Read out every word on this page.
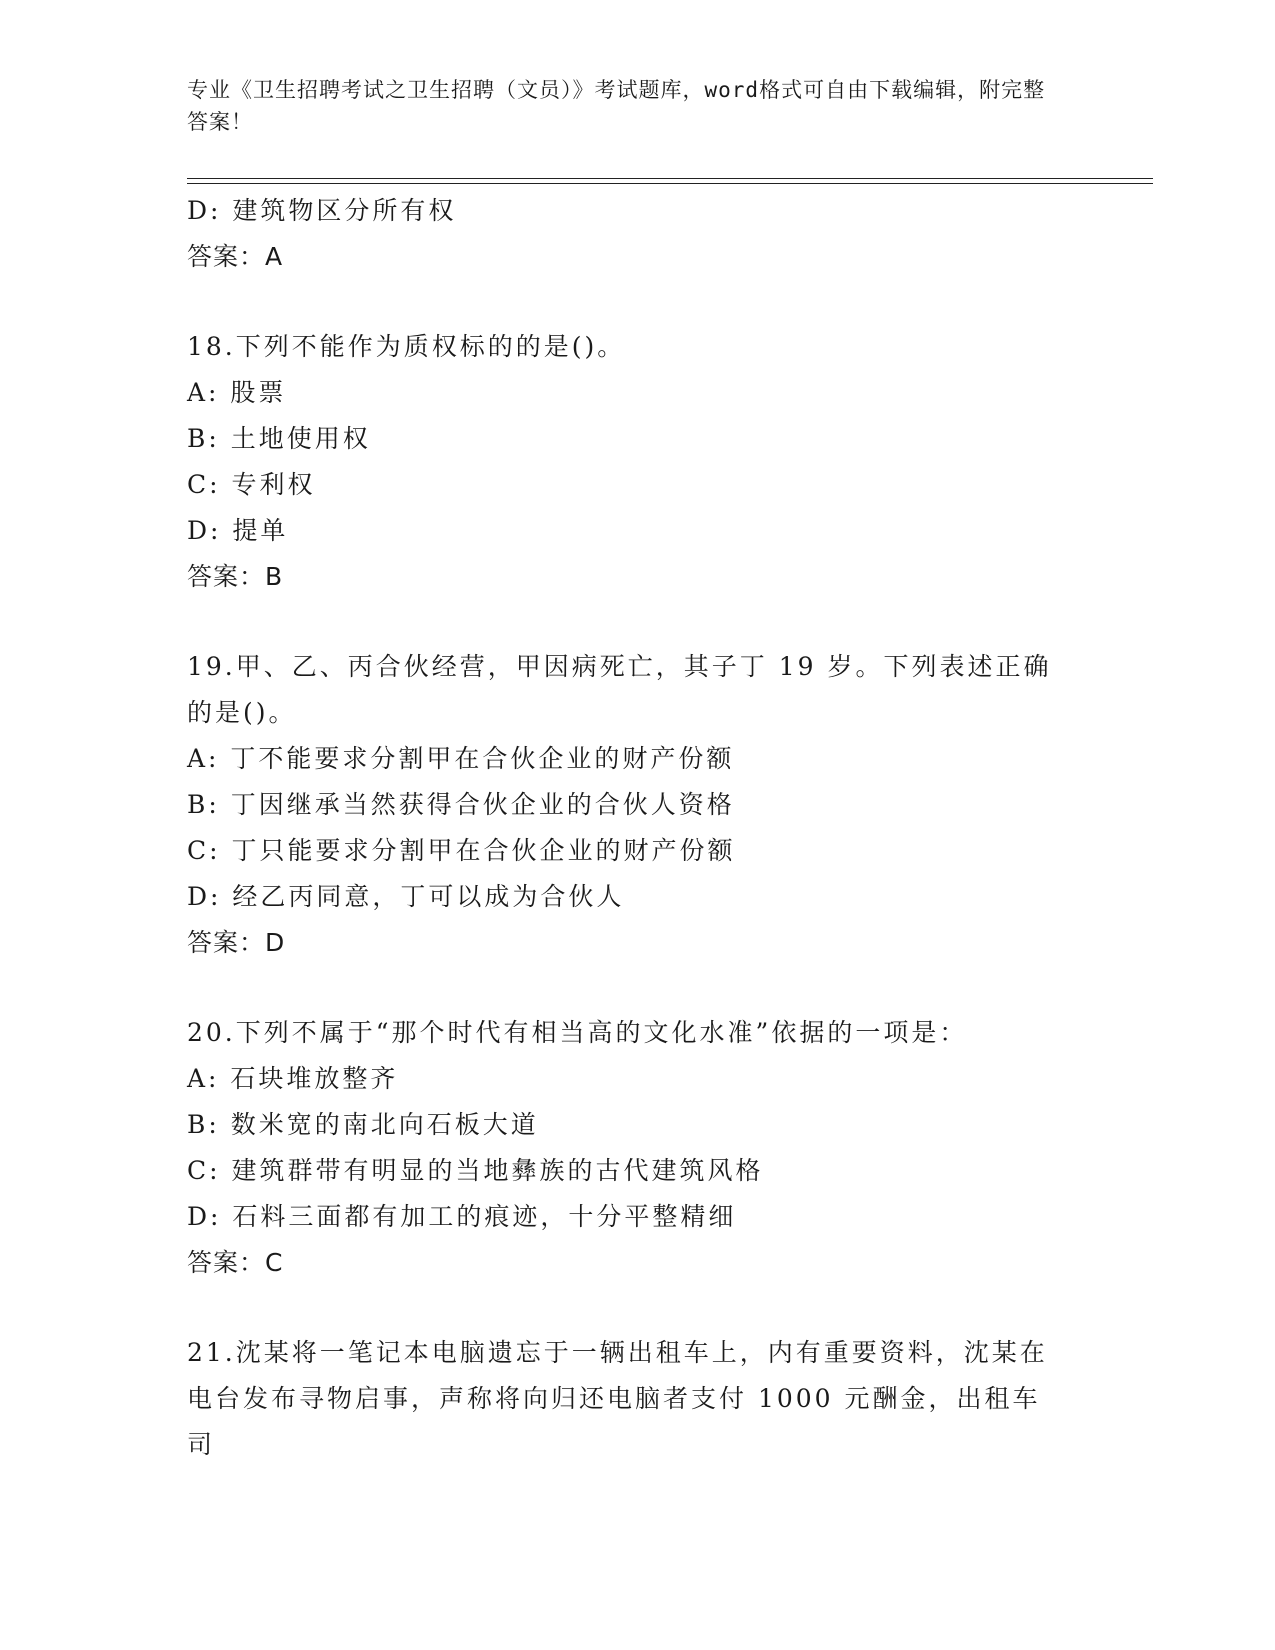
专业《卫生招聘考试之卫生招聘（文员）》考试题库，word格式可自由下载编辑，附完整答案！
D: 建筑物区分所有权
答案：A
18.下列不能作为质权标的的是()。
A: 股票
B: 土地使用权
C: 专利权
D: 提单
答案：B
19.甲、乙、丙合伙经营，甲因病死亡，其子丁 19 岁。下列表述正确的是()。
A: 丁不能要求分割甲在合伙企业的财产份额
B: 丁因继承当然获得合伙企业的合伙人资格
C: 丁只能要求分割甲在合伙企业的财产份额
D: 经乙丙同意，丁可以成为合伙人
答案：D
20.下列不属于“那个时代有相当高的文化水准”依据的一项是：
A: 石块堆放整齐
B: 数米宽的南北向石板大道
C: 建筑群带有明显的当地彝族的古代建筑风格
D: 石料三面都有加工的痕迹，十分平整精细
答案：C
21.沈某将一笔记本电脑遗忘于一辆出租车上，内有重要资料，沈某在电台发布寻物启事，声称将向归还电脑者支付 1000 元酬金，出租车司
